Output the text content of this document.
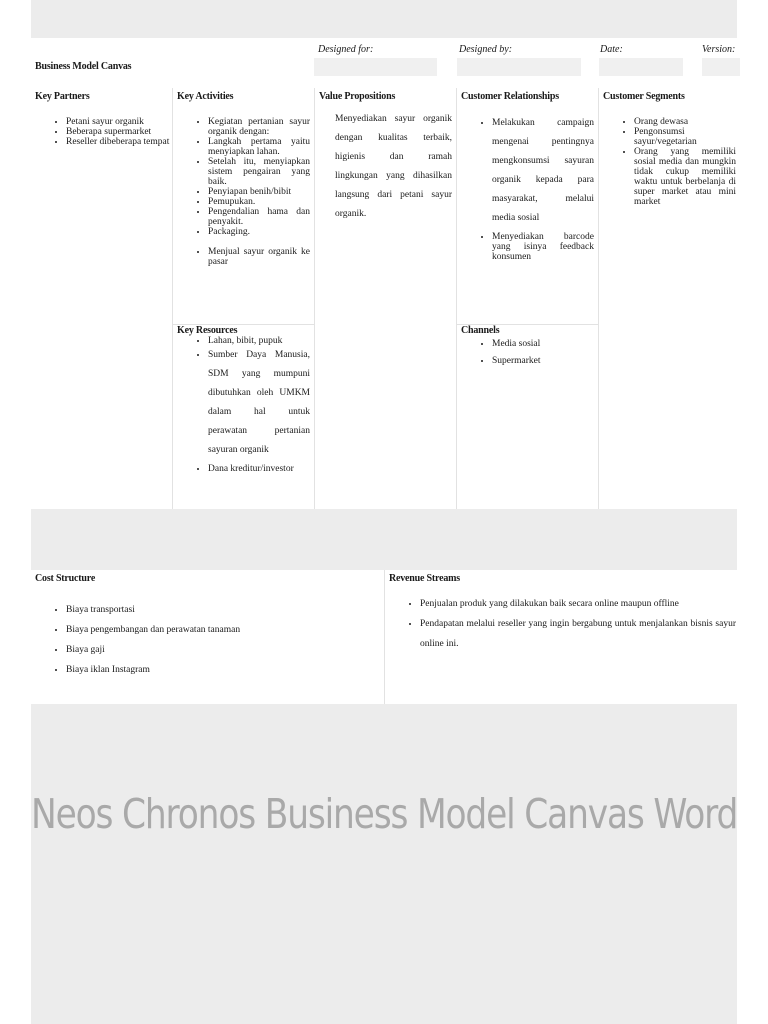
Business Model Canvas
Designed for:	Designed by:	Date:	Version:

Key Partners

• Petani sayur organik
• Beberapa supermarket
• Reseller dibeberapa tempat

Key Activities

• Kegiatan pertanian sayur organik dengan:
• Langkah pertama yaitu menyiapkan lahan.
• Setelah itu, menyiapkan sistem pengairan yang baik.
• Penyiapan benih/bibit
• Pemupukan.
• Pengendalian hama dan penyakit.
• Packaging.
• Menjual sayur organik ke pasar

Key Resources

• Lahan, bibit, pupuk
• Sumber Daya Manusia, SDM yang mumpuni dibutuhkan oleh UMKM dalam hal untuk perawatan pertanian sayuran organik
• Dana kreditur/investor

Value Propositions

Menyediakan sayur organik dengan kualitas terbaik, higienis dan ramah lingkungan yang dihasilkan langsung dari petani sayur organik.

Customer Relationships

• Melakukan campaign mengenai pentingnya mengkonsumsi sayuran organik kepada para masyarakat, melalui media sosial
• Menyediakan barcode yang isinya feedback konsumen

Channels

• Media sosial
• Supermarket

Customer Segments

• Orang dewasa
• Pengonsumsi sayur/vegetarian
• Orang yang memiliki sosial media dan mungkin tidak cukup memiliki waktu untuk berbelanja di super market atau mini market

Cost Structure

• Biaya transportasi
• Biaya pengembangan dan perawatan tanaman
• Biaya gaji
• Biaya iklan Instagram

Revenue Streams

• Penjualan produk yang dilakukan baik secara online maupun offline
• Pendapatan melalui reseller yang ingin bergabung untuk menjalankan bisnis sayur online ini.
Neos Chronos Business Model Canvas Word
